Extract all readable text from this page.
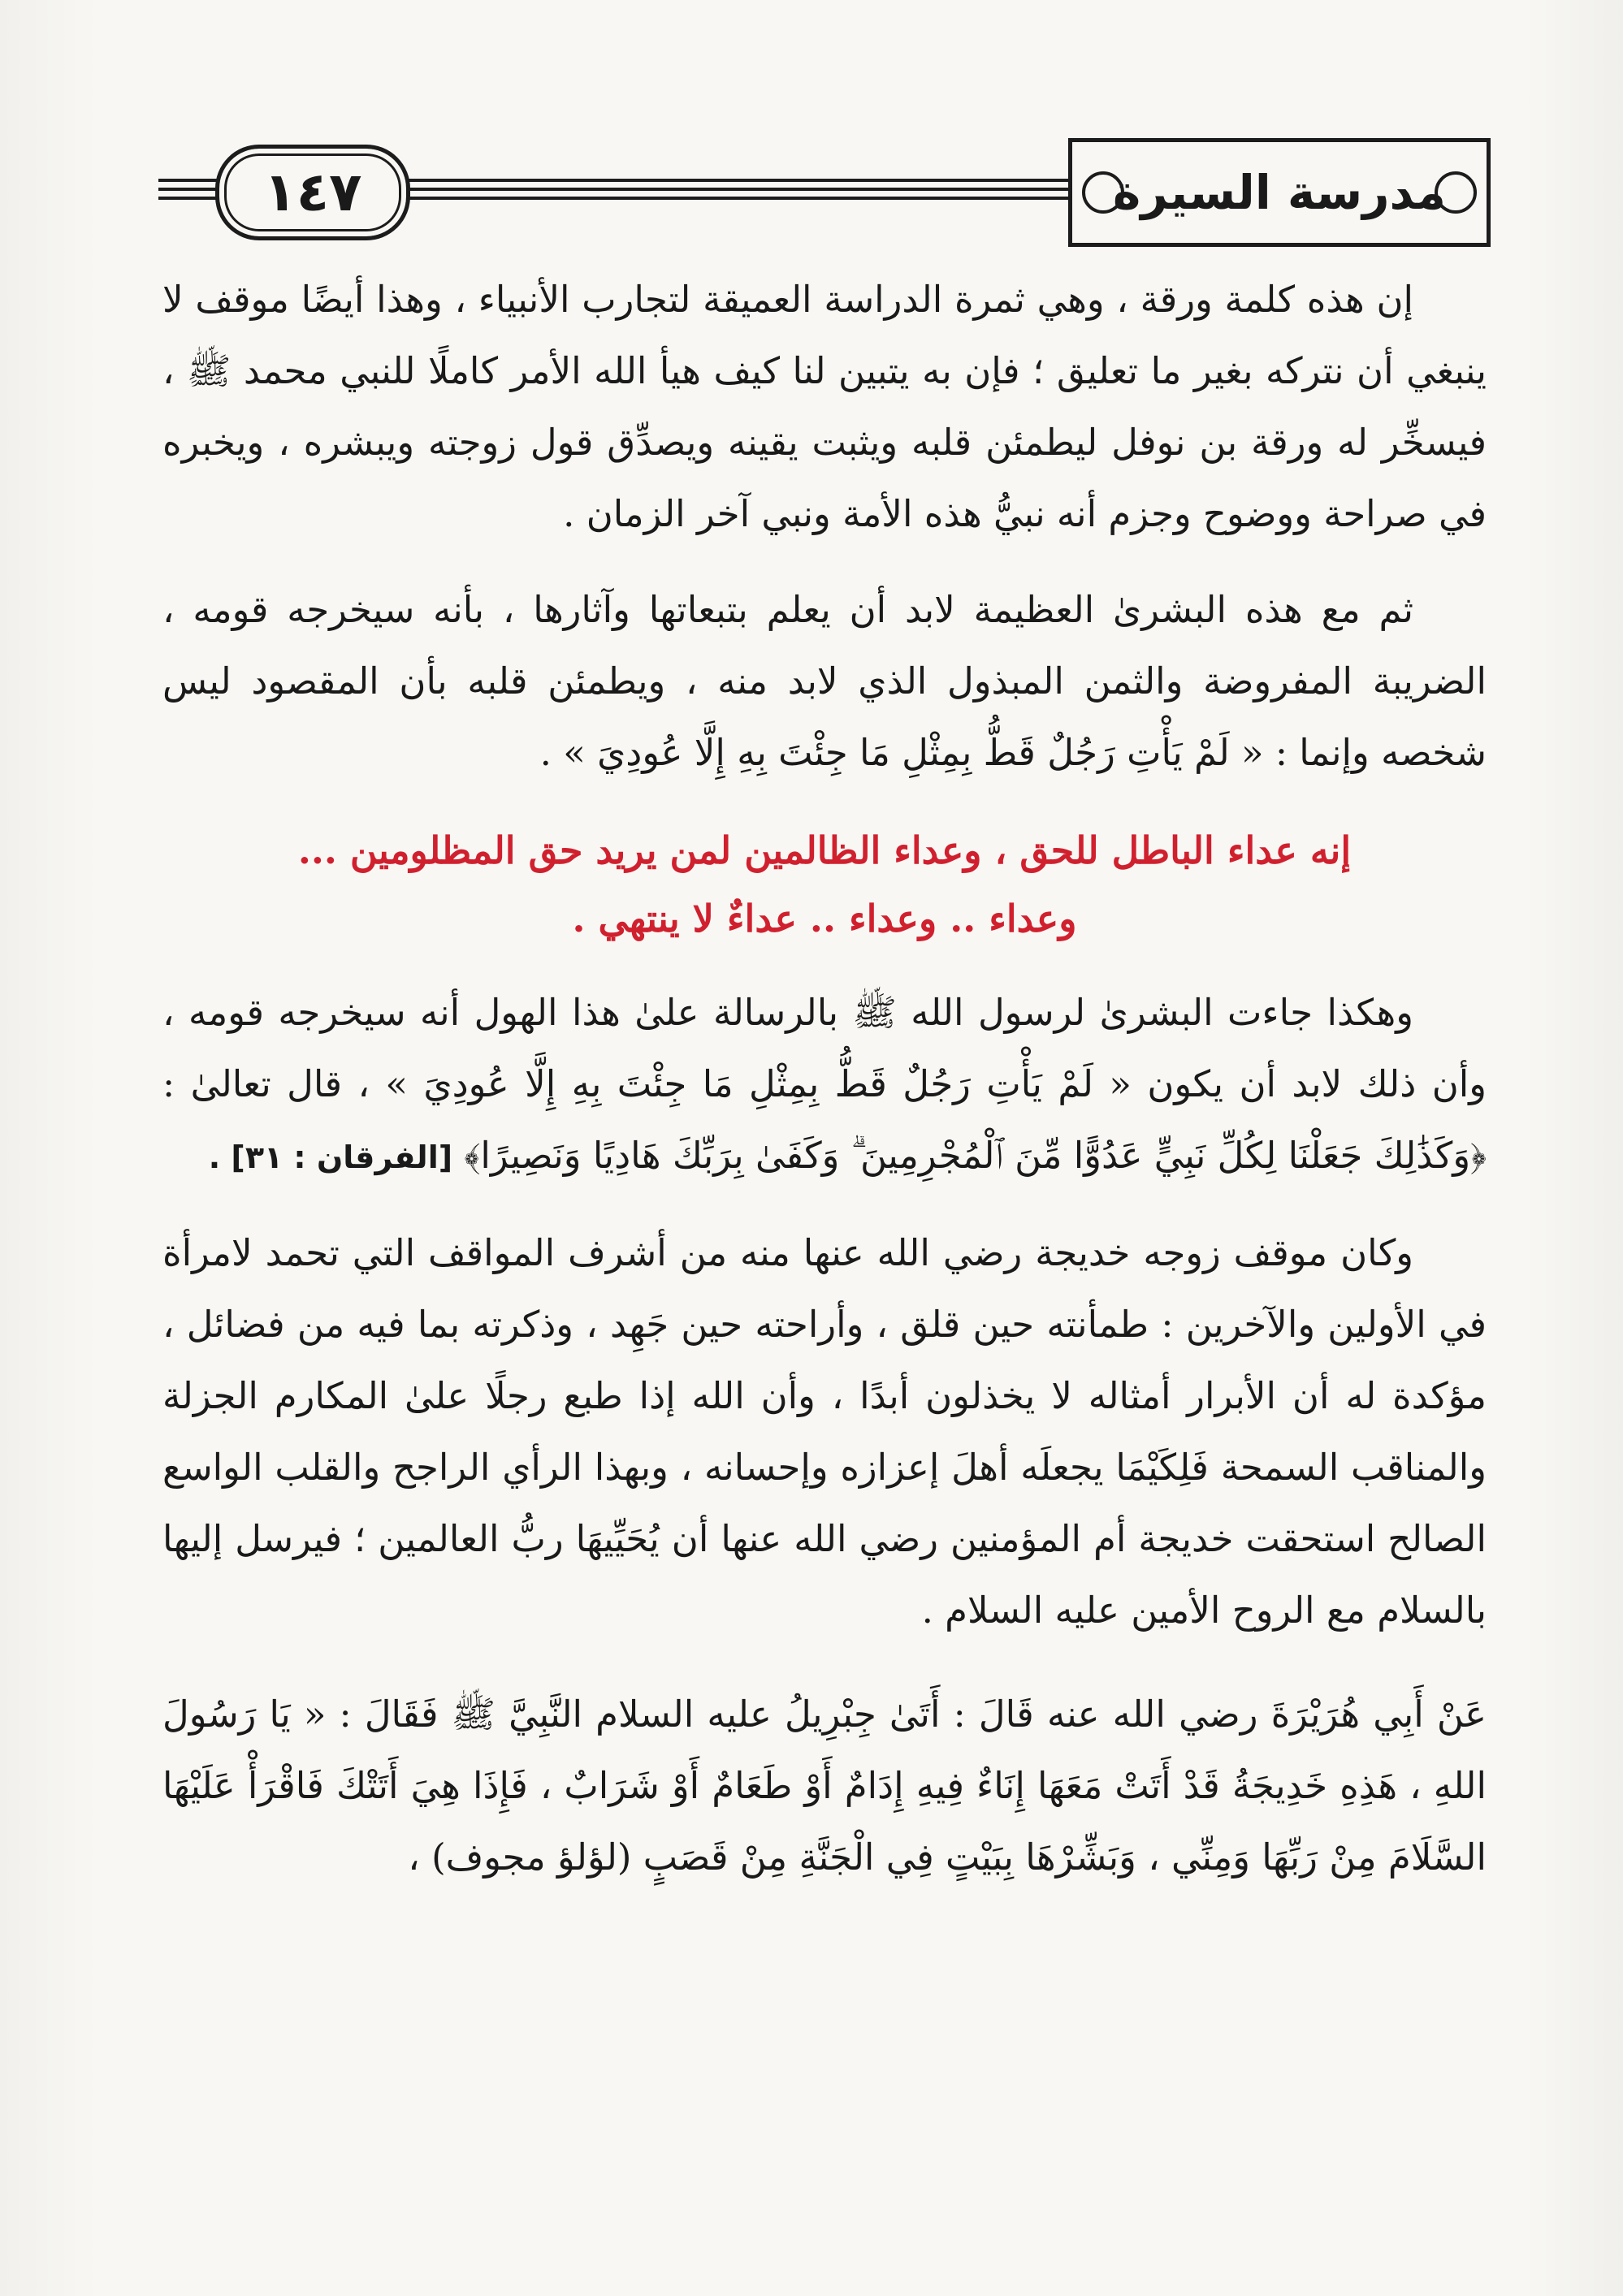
١٤٧	مدرسة السيرة

إن هذه كلمة ورقة ، وهي ثمرة الدراسة العميقة لتجارب الأنبياء ، وهذا أيضًا موقف لا ينبغي أن نتركه بغير ما تعليق ؛ فإن به يتبين لنا كيف هيأ الله الأمر كاملًا للنبي محمد ﷺ ، فيسخِّر له ورقة بن نوفل ليطمئن قلبه ويثبت يقينه ويصدِّق قول زوجته ويبشره ، ويخبره في صراحة ووضوح وجزم أنه نبيُّ هذه الأمة ونبي آخر الزمان .

ثم مع هذه البشرىٰ العظيمة لابد أن يعلم بتبعاتها وآثارها ، بأنه سيخرجه قومه ، الضريبة المفروضة والثمن المبذول الذي لابد منه ، ويطمئن قلبه بأن المقصود ليس شخصه وإنما : « لَمْ يَأْتِ رَجُلٌ قَطُّ بِمِثْلِ مَا جِئْتَ بِهِ إِلَّا عُودِيَ » .

إنه عداء الباطل للحق ، وعداء الظالمين لمن يريد حق المظلومين ...
وعداء .. وعداء .. عداءٌ لا ينتهي .

وهكذا جاءت البشرىٰ لرسول الله ﷺ بالرسالة علىٰ هذا الهول أنه سيخرجه قومه ، وأن ذلك لابد أن يكون « لَمْ يَأْتِ رَجُلٌ قَطُّ بِمِثْلِ مَا جِئْتَ بِهِ إِلَّا عُودِيَ » ، قال تعالىٰ : ﴿وَكَذَٰلِكَ جَعَلْنَا لِكُلِّ نَبِيٍّ عَدُوًّا مِّنَ ٱلْمُجْرِمِينَ ۗ وَكَفَىٰ بِرَبِّكَ هَادِيًا وَنَصِيرًا﴾ [الفرقان : ٣١] .

وكان موقف زوجه خديجة رضي الله عنها منه من أشرف المواقف التي تحمد لامرأة في الأولين والآخرين : طمأنته حين قلق ، وأراحته حين جَهِد ، وذكرته بما فيه من فضائل ، مؤكدة له أن الأبرار أمثاله لا يخذلون أبدًا ، وأن الله إذا طبع رجلًا علىٰ المكارم الجزلة والمناقب السمحة فَلِكَيْمَا يجعلَه أهلَ إعزازه وإحسانه ، وبهذا الرأي الراجح والقلب الواسع الصالح استحقت خديجة أم المؤمنين رضي الله عنها أن يُحَيِّيهَا ربُّ العالمين ؛ فيرسل إليها بالسلام مع الروح الأمين عليه السلام .

عَنْ أَبِي هُرَيْرَةَ رضي الله عنه قَالَ : أَتَىٰ جِبْرِيلُ عليه السلام النَّبِيَّ ﷺ فَقَالَ : « يَا رَسُولَ اللهِ ، هَذِهِ خَدِيجَةُ قَدْ أَتَتْ مَعَهَا إِنَاءٌ فِيهِ إِدَامٌ أَوْ طَعَامٌ أَوْ شَرَابٌ ، فَإِذَا هِيَ أَتَتْكَ فَاقْرَأْ عَلَيْهَا السَّلَامَ مِنْ رَبِّهَا وَمِنِّي ، وَبَشِّرْهَا بِبَيْتٍ فِي الْجَنَّةِ مِنْ قَصَبٍ (لؤلؤ مجوف) ،
